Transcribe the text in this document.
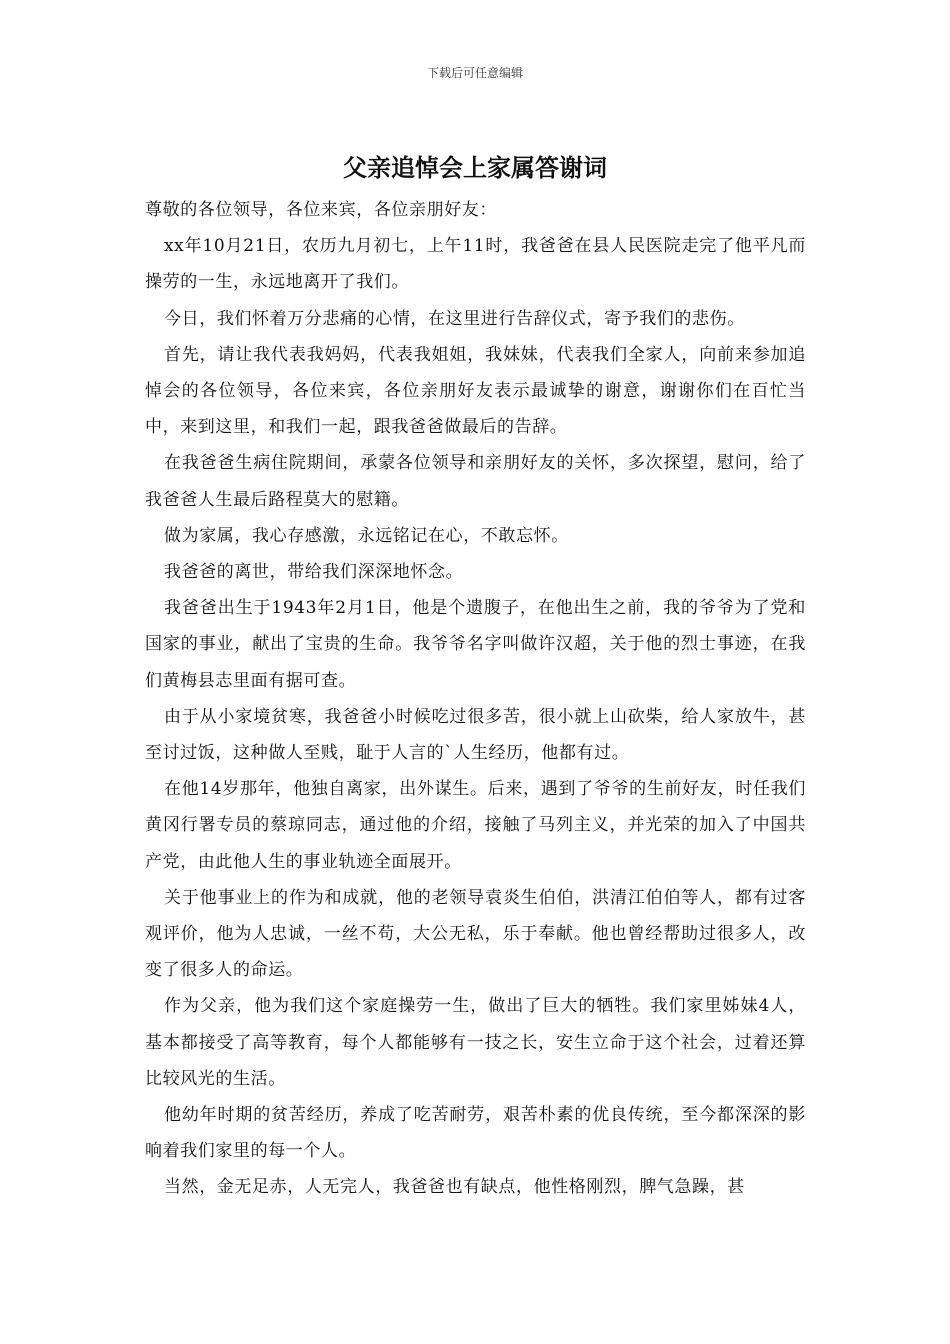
下载后可任意编辑
父亲追悼会上家属答谢词

尊敬的各位领导，各位来宾，各位亲朋好友：

xx年10月21日，农历九月初七，上午11时，我爸爸在县人民医院走完了他平凡而操劳的一生，永远地离开了我们。

今日，我们怀着万分悲痛的心情，在这里进行告辞仪式，寄予我们的悲伤。

首先，请让我代表我妈妈，代表我姐姐，我妹妹，代表我们全家人，向前来参加追悼会的各位领导，各位来宾，各位亲朋好友表示最诚挚的谢意，谢谢你们在百忙当中，来到这里，和我们一起，跟我爸爸做最后的告辞。

在我爸爸生病住院期间，承蒙各位领导和亲朋好友的关怀，多次探望，慰问，给了我爸爸人生最后路程莫大的慰籍。

做为家属，我心存感激，永远铭记在心，不敢忘怀。

我爸爸的离世，带给我们深深地怀念。

我爸爸出生于1943年2月1日，他是个遗腹子，在他出生之前，我的爷爷为了党和国家的事业，献出了宝贵的生命。我爷爷名字叫做许汉超，关于他的烈士事迹，在我们黄梅县志里面有据可查。

由于从小家境贫寒，我爸爸小时候吃过很多苦，很小就上山砍柴，给人家放牛，甚至讨过饭，这种做人至贱，耻于人言的`人生经历，他都有过。

在他14岁那年，他独自离家，出外谋生。后来，遇到了爷爷的生前好友，时任我们黄冈行署专员的蔡琼同志，通过他的介绍，接触了马列主义，并光荣的加入了中国共产党，由此他人生的事业轨迹全面展开。

关于他事业上的作为和成就，他的老领导袁炎生伯伯，洪清江伯伯等人，都有过客观评价，他为人忠诚，一丝不苟，大公无私，乐于奉献。他也曾经帮助过很多人，改变了很多人的命运。

作为父亲，他为我们这个家庭操劳一生，做出了巨大的牺牲。我们家里姊妹4人，基本都接受了高等教育，每个人都能够有一技之长，安生立命于这个社会，过着还算比较风光的生活。

他幼年时期的贫苦经历，养成了吃苦耐劳，艰苦朴素的优良传统，至今都深深的影响着我们家里的每一个人。

当然，金无足赤，人无完人，我爸爸也有缺点，他性格刚烈，脾气急躁，甚
